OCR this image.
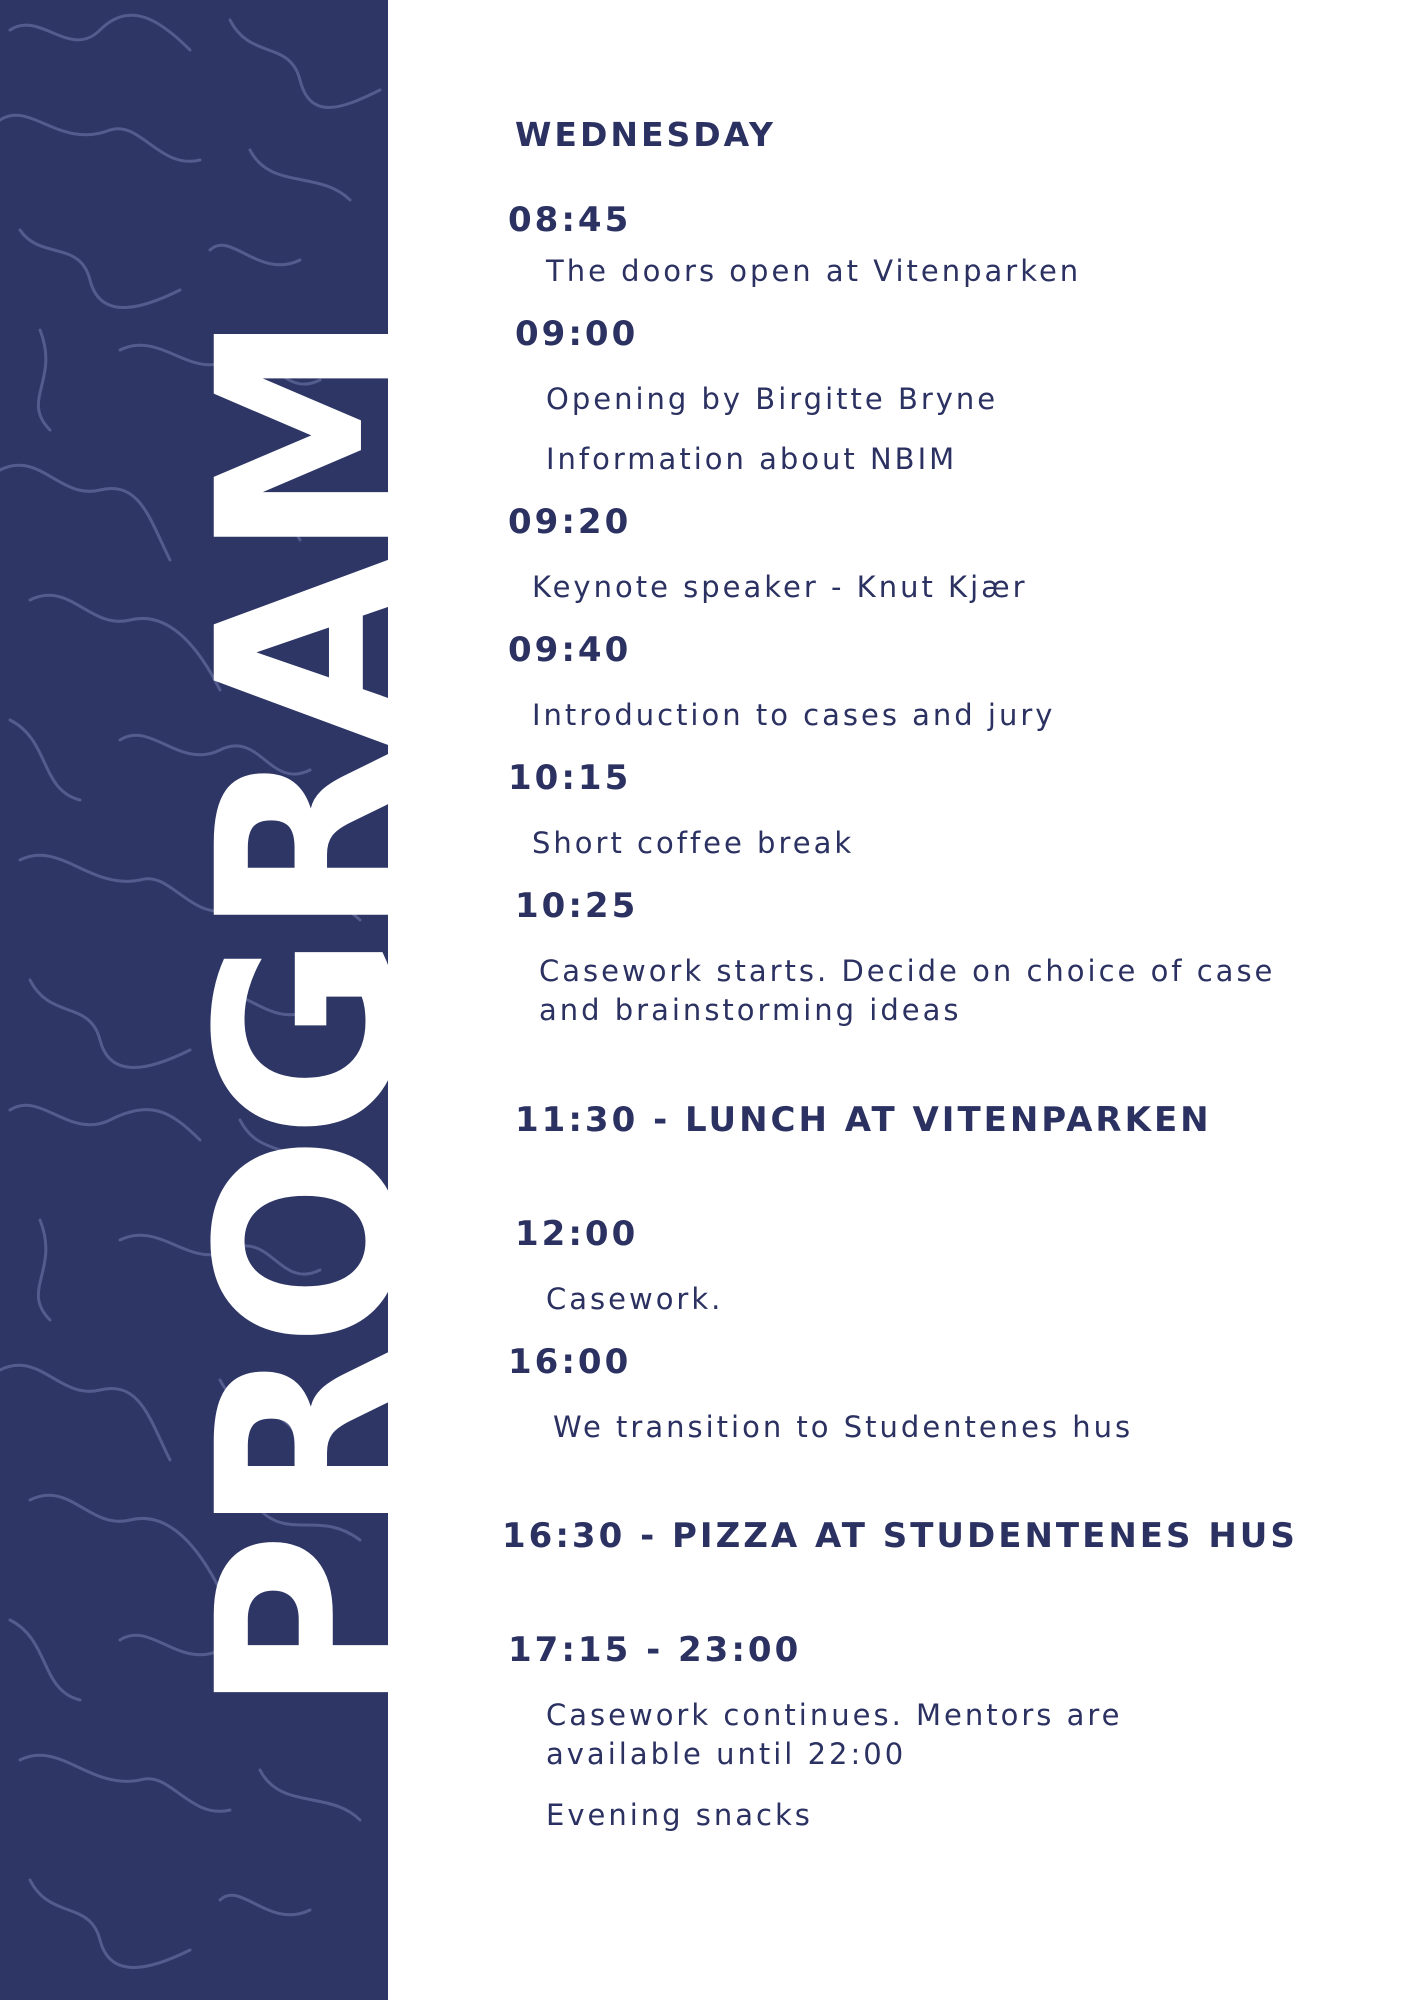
PROGRAM
WEDNESDAY
08:45
The doors open at Vitenparken
09:00
Opening by Birgitte Bryne
Information about NBIM
09:20
Keynote speaker - Knut Kjær
09:40
Introduction to cases and jury
10:15
Short coffee break
10:25
Casework starts. Decide on choice of case
and brainstorming ideas
11:30 - LUNCH AT VITENPARKEN
12:00
Casework.
16:00
We transition to Studentenes hus
16:30 - PIZZA AT STUDENTENES HUS
17:15 - 23:00
Casework continues. Mentors are
available until 22:00
Evening snacks
